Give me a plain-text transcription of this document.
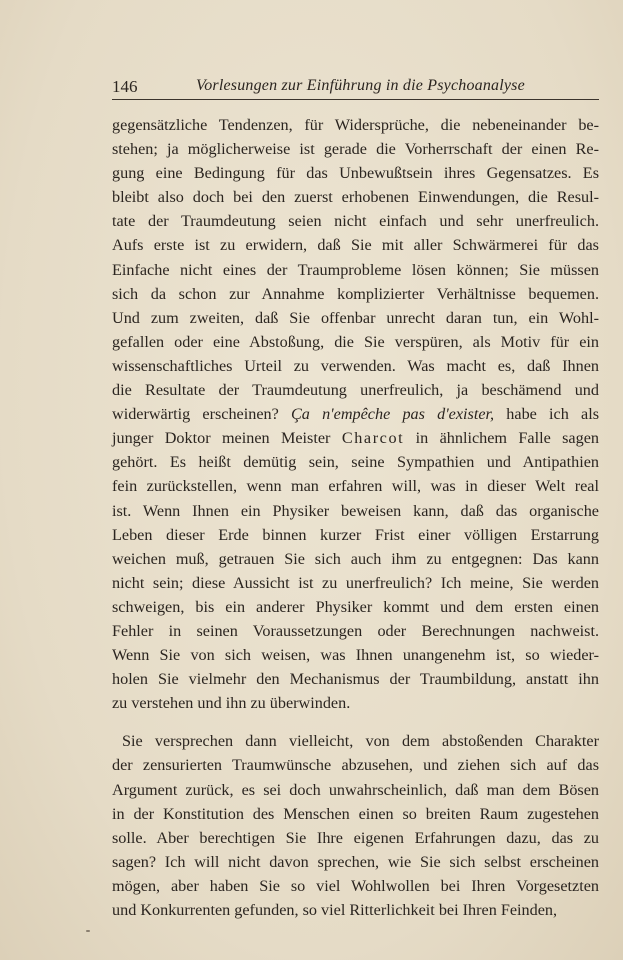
146	Vorlesungen zur Einführung in die Psychoanalyse
gegensätzliche Tendenzen, für Widersprüche, die nebeneinander be-
stehen; ja möglicherweise ist gerade die Vorherrschaft der einen Re-
gung eine Bedingung für das Unbewußtsein ihres Gegensatzes. Es
bleibt also doch bei den zuerst erhobenen Einwendungen, die Resul-
tate der Traumdeutung seien nicht einfach und sehr unerfreulich.
Aufs erste ist zu erwidern, daß Sie mit aller Schwärmerei für das
Einfache nicht eines der Traumprobleme lösen können; Sie müssen
sich da schon zur Annahme komplizierter Verhältnisse bequemen.
Und zum zweiten, daß Sie offenbar unrecht daran tun, ein Wohl-
gefallen oder eine Abstoßung, die Sie verspüren, als Motiv für ein
wissenschaftliches Urteil zu verwenden. Was macht es, daß Ihnen
die Resultate der Traumdeutung unerfreulich, ja beschämend und
widerwärtig erscheinen? Ça n'empêche pas d'exister, habe ich als
junger Doktor meinen Meister Charcot in ähnlichem Falle sagen
gehört. Es heißt demütig sein, seine Sympathien und Antipathien
fein zurückstellen, wenn man erfahren will, was in dieser Welt real
ist. Wenn Ihnen ein Physiker beweisen kann, daß das organische
Leben dieser Erde binnen kurzer Frist einer völligen Erstarrung
weichen muß, getrauen Sie sich auch ihm zu entgegnen: Das kann
nicht sein; diese Aussicht ist zu unerfreulich? Ich meine, Sie werden
schweigen, bis ein anderer Physiker kommt und dem ersten einen
Fehler in seinen Voraussetzungen oder Berechnungen nachweist.
Wenn Sie von sich weisen, was Ihnen unangenehm ist, so wieder-
holen Sie vielmehr den Mechanismus der Traumbildung, anstatt ihn
zu verstehen und ihn zu überwinden.
Sie versprechen dann vielleicht, von dem abstoßenden Charakter
der zensurierten Traumwünsche abzusehen, und ziehen sich auf das
Argument zurück, es sei doch unwahrscheinlich, daß man dem Bösen
in der Konstitution des Menschen einen so breiten Raum zugestehen
solle. Aber berechtigen Sie Ihre eigenen Erfahrungen dazu, das zu
sagen? Ich will nicht davon sprechen, wie Sie sich selbst erscheinen
mögen, aber haben Sie so viel Wohlwollen bei Ihren Vorgesetzten
und Konkurrenten gefunden, so viel Ritterlichkeit bei Ihren Feinden,
